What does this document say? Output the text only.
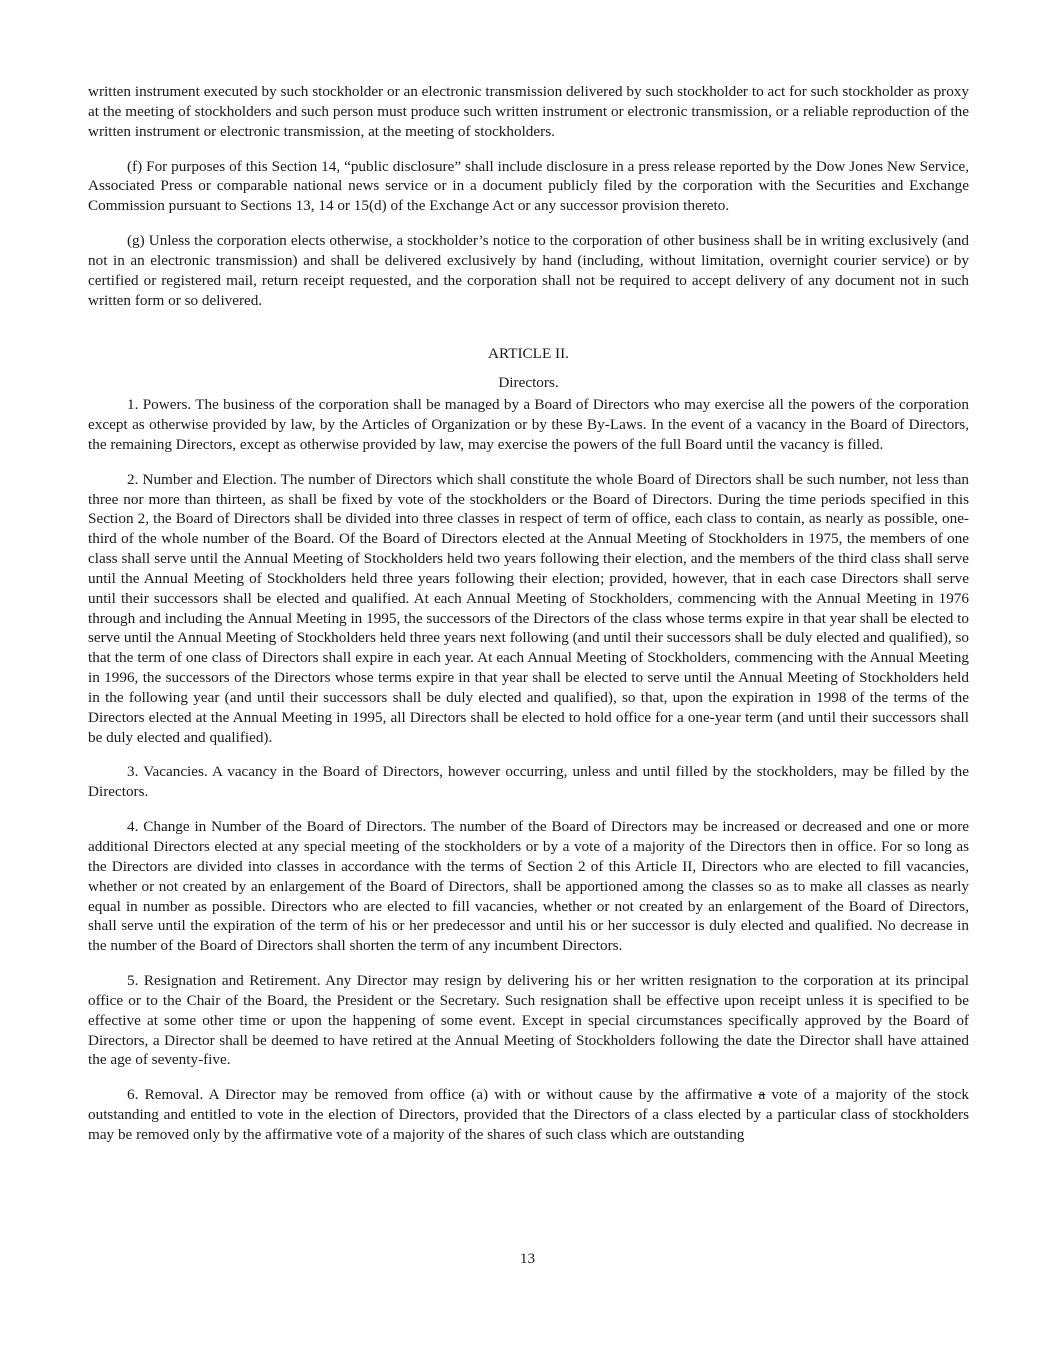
written instrument executed by such stockholder or an electronic transmission delivered by such stockholder to act for such stockholder as proxy at the meeting of stockholders and such person must produce such written instrument or electronic transmission, or a reliable reproduction of the written instrument or electronic transmission, at the meeting of stockholders.

(f) For purposes of this Section 14, “public disclosure” shall include disclosure in a press release reported by the Dow Jones New Service, Associated Press or comparable national news service or in a document publicly filed by the corporation with the Securities and Exchange Commission pursuant to Sections 13, 14 or 15(d) of the Exchange Act or any successor provision thereto.

(g) Unless the corporation elects otherwise, a stockholder’s notice to the corporation of other business shall be in writing exclusively (and not in an electronic transmission) and shall be delivered exclusively by hand (including, without limitation, overnight courier service) or by certified or registered mail, return receipt requested, and the corporation shall not be required to accept delivery of any document not in such written form or so delivered.

ARTICLE II.

Directors.

1. Powers. The business of the corporation shall be managed by a Board of Directors who may exercise all the powers of the corporation except as otherwise provided by law, by the Articles of Organization or by these By-Laws. In the event of a vacancy in the Board of Directors, the remaining Directors, except as otherwise provided by law, may exercise the powers of the full Board until the vacancy is filled.

2. Number and Election. The number of Directors which shall constitute the whole Board of Directors shall be such number, not less than three nor more than thirteen, as shall be fixed by vote of the stockholders or the Board of Directors. During the time periods specified in this Section 2, the Board of Directors shall be divided into three classes in respect of term of office, each class to contain, as nearly as possible, one-third of the whole number of the Board. Of the Board of Directors elected at the Annual Meeting of Stockholders in 1975, the members of one class shall serve until the Annual Meeting of Stockholders held two years following their election, and the members of the third class shall serve until the Annual Meeting of Stockholders held three years following their election; provided, however, that in each case Directors shall serve until their successors shall be elected and qualified. At each Annual Meeting of Stockholders, commencing with the Annual Meeting in 1976 through and including the Annual Meeting in 1995, the successors of the Directors of the class whose terms expire in that year shall be elected to serve until the Annual Meeting of Stockholders held three years next following (and until their successors shall be duly elected and qualified), so that the term of one class of Directors shall expire in each year. At each Annual Meeting of Stockholders, commencing with the Annual Meeting in 1996, the successors of the Directors whose terms expire in that year shall be elected to serve until the Annual Meeting of Stockholders held in the following year (and until their successors shall be duly elected and qualified), so that, upon the expiration in 1998 of the terms of the Directors elected at the Annual Meeting in 1995, all Directors shall be elected to hold office for a one-year term (and until their successors shall be duly elected and qualified).

3. Vacancies. A vacancy in the Board of Directors, however occurring, unless and until filled by the stockholders, may be filled by the Directors.

4. Change in Number of the Board of Directors. The number of the Board of Directors may be increased or decreased and one or more additional Directors elected at any special meeting of the stockholders or by a vote of a majority of the Directors then in office. For so long as the Directors are divided into classes in accordance with the terms of Section 2 of this Article II, Directors who are elected to fill vacancies, whether or not created by an enlargement of the Board of Directors, shall be apportioned among the classes so as to make all classes as nearly equal in number as possible. Directors who are elected to fill vacancies, whether or not created by an enlargement of the Board of Directors, shall serve until the expiration of the term of his or her predecessor and until his or her successor is duly elected and qualified. No decrease in the number of the Board of Directors shall shorten the term of any incumbent Directors.

5. Resignation and Retirement. Any Director may resign by delivering his or her written resignation to the corporation at its principal office or to the Chair of the Board, the President or the Secretary. Such resignation shall be effective upon receipt unless it is specified to be effective at some other time or upon the happening of some event. Except in special circumstances specifically approved by the Board of Directors, a Director shall be deemed to have retired at the Annual Meeting of Stockholders following the date the Director shall have attained the age of seventy-five.

6. Removal. A Director may be removed from office (a) with or without cause by the affirmative a vote of a majority of the stock outstanding and entitled to vote in the election of Directors, provided that the Directors of a class elected by a particular class of stockholders may be removed only by the affirmative vote of a majority of the shares of such class which are outstanding

13
